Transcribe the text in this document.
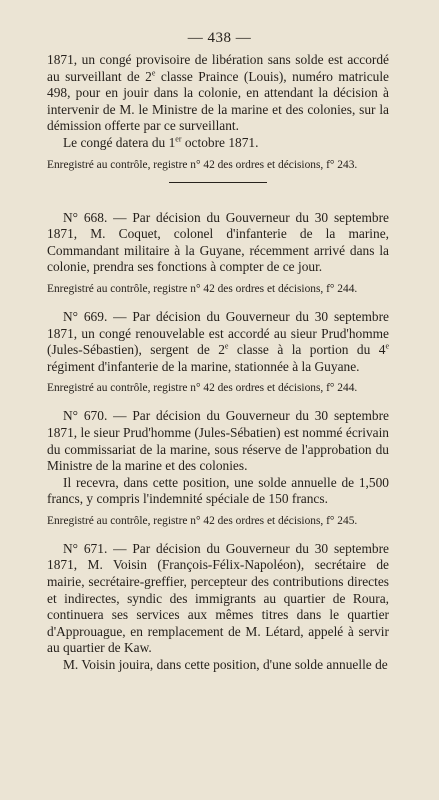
— 438 —

1871, un congé provisoire de libération sans solde est accordé au surveillant de 2e classe Praince (Louis), numéro matricule 498, pour en jouir dans la colonie, en attendant la décision à intervenir de M. le Ministre de la marine et des colonies, sur la démission offerte par ce surveillant.

Le congé datera du 1er octobre 1871.

Enregistré au contrôle, registre n° 42 des ordres et décisions, f° 243.

N° 668. — Par décision du Gouverneur du 30 septembre 1871, M. Coquet, colonel d'infanterie de la marine, Commandant militaire à la Guyane, récemment arrivé dans la colonie, prendra ses fonctions à compter de ce jour.

Enregistré au contrôle, registre n° 42 des ordres et décisions, f° 244.

N° 669. — Par décision du Gouverneur du 30 septembre 1871, un congé renouvelable est accordé au sieur Prud'homme (Jules-Sébastien), sergent de 2e classe à la portion du 4e régiment d'infanterie de la marine, stationnée à la Guyane.

Enregistré au contrôle, registre n° 42 des ordres et décisions, f° 244.

N° 670. — Par décision du Gouverneur du 30 septembre 1871, le sieur Prud'homme (Jules-Sébatien) est nommé écrivain du commissariat de la marine, sous réserve de l'approbation du Ministre de la marine et des colonies.

Il recevra, dans cette position, une solde annuelle de 1,500 francs, y compris l'indemnité spéciale de 150 francs.

Enregistré au contrôle, registre n° 42 des ordres et décisions, f° 245.

N° 671. — Par décision du Gouverneur du 30 septembre 1871, M. Voisin (François-Félix-Napoléon), secrétaire de mairie, secrétaire-greffier, percepteur des contributions directes et indirectes, syndic des immigrants au quartier de Roura, continuera ses services aux mêmes titres dans le quartier d'Approuague, en remplacement de M. Létard, appelé à servir au quartier de Kaw.

M. Voisin jouira, dans cette position, d'une solde annuelle de
